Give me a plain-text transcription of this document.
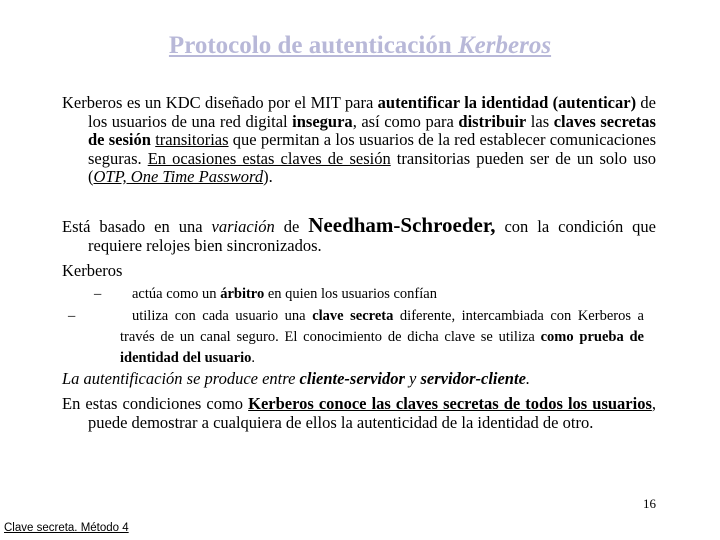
Protocolo de autenticación Kerberos
Kerberos es un KDC diseñado por el MIT para autentificar la identidad (autenticar) de los usuarios de una red digital insegura, así como para distribuir las claves secretas de sesión transitorias que permitan a los usuarios de la red establecer comunicaciones seguras. En ocasiones estas claves de sesión transitorias pueden ser de un solo uso (OTP, One Time Password).
Está basado en una variación de Needham-Schroeder, con la condición que requiere relojes bien sincronizados.
Kerberos
– actúa como un árbitro en quien los usuarios confían
–	utiliza con cada usuario una clave secreta diferente, intercambiada con Kerberos a través de un canal seguro. El conocimiento de dicha clave se utiliza como prueba de identidad del usuario.
La autentificación se produce entre cliente-servidor y servidor-cliente.
En estas condiciones como Kerberos conoce las claves secretas de todos los usuarios, puede demostrar a cualquiera de ellos la autenticidad de la identidad de otro.
16
Clave secreta. Método 4
